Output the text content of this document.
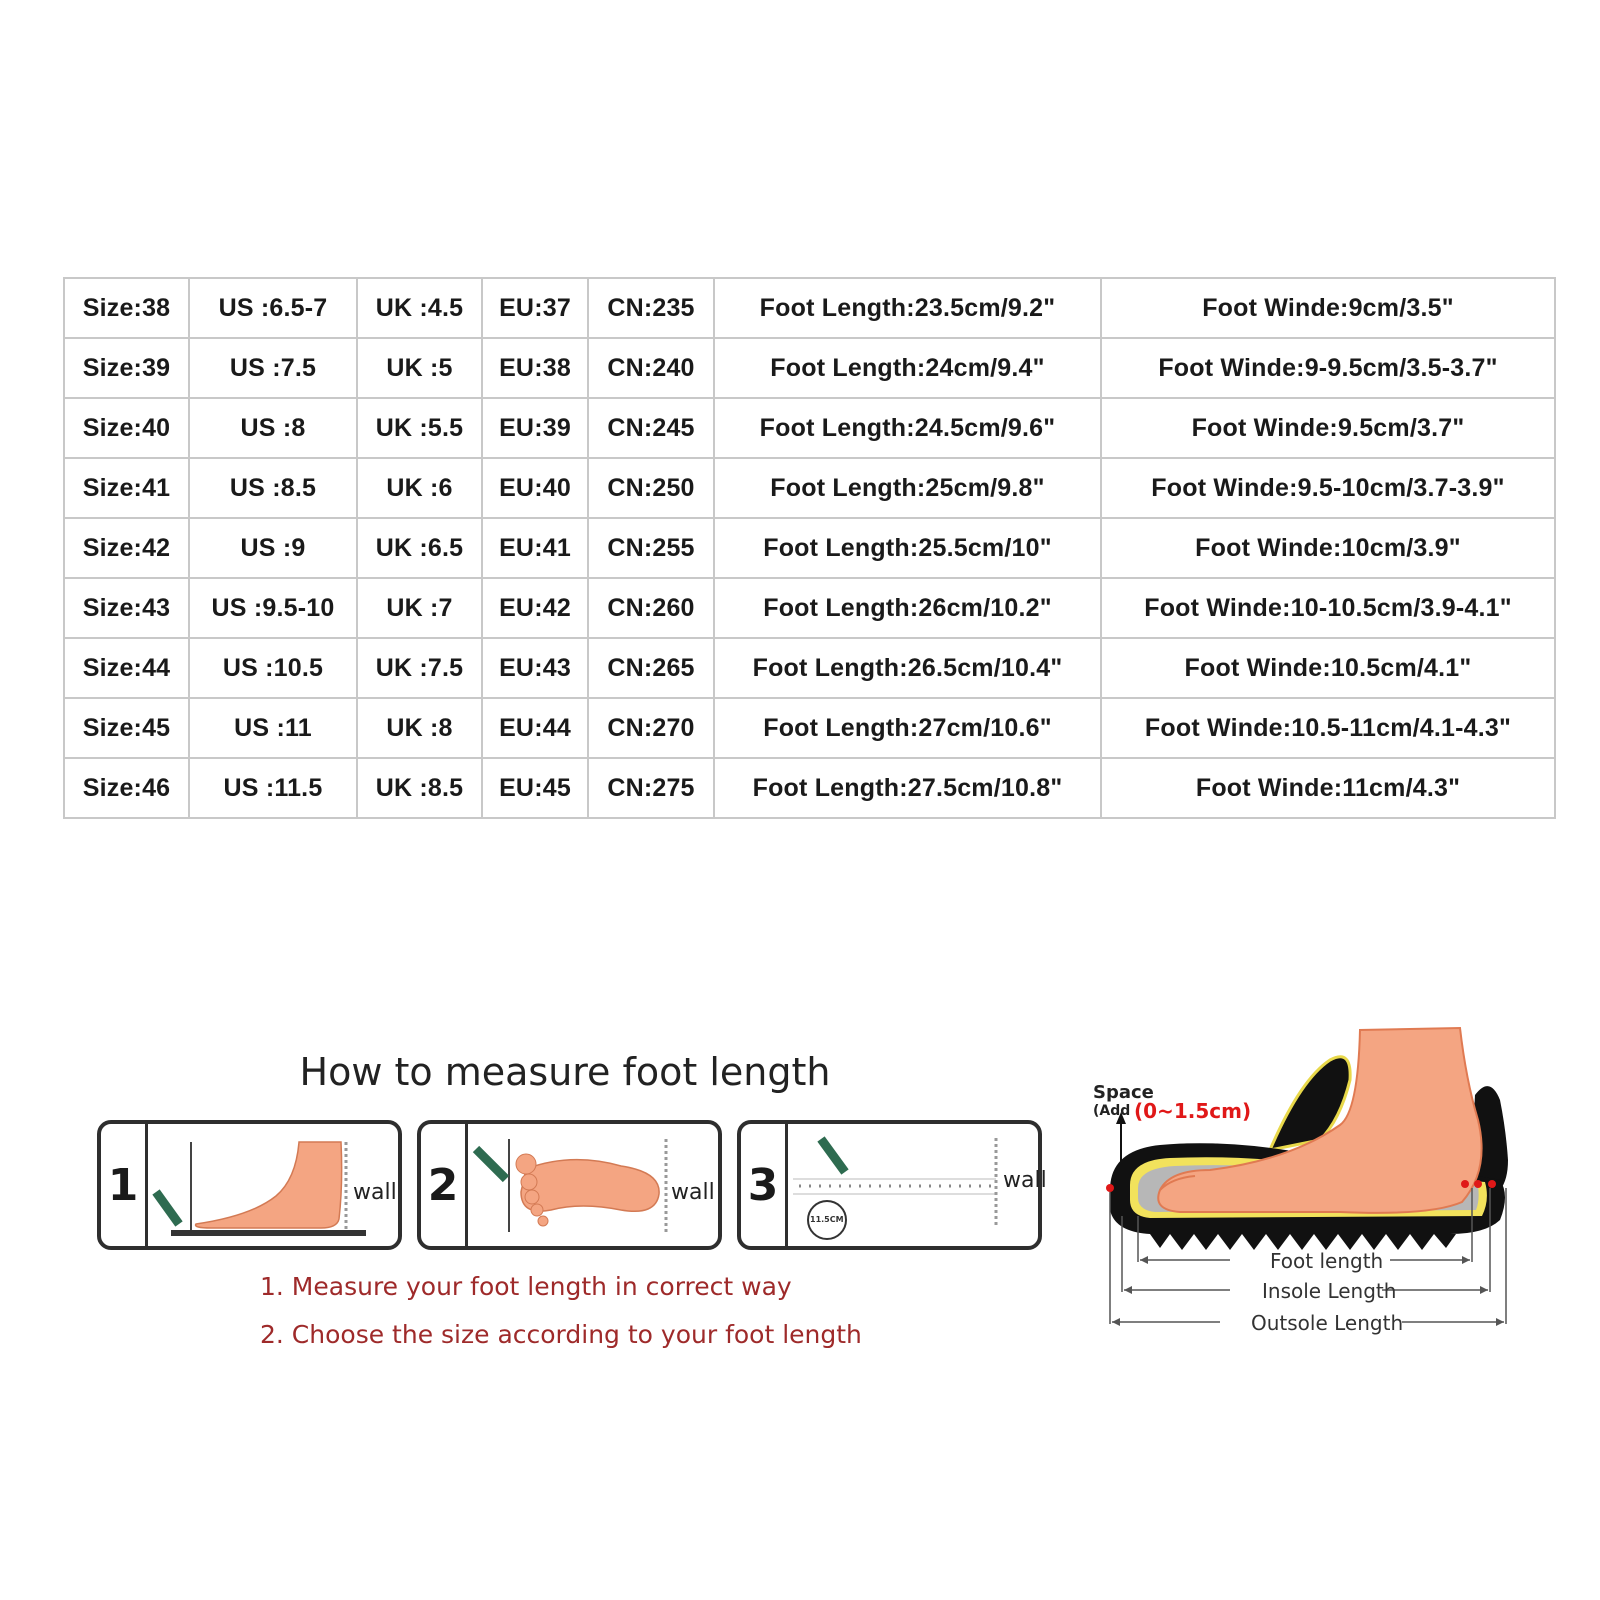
Size:38	US :6.5-7	UK :4.5	EU:37	CN:235	Foot Length:23.5cm/9.2"	Foot Winde:9cm/3.5"
Size:39	US :7.5	UK :5	EU:38	CN:240	Foot Length:24cm/9.4"	Foot Winde:9-9.5cm/3.5-3.7"
Size:40	US :8	UK :5.5	EU:39	CN:245	Foot Length:24.5cm/9.6"	Foot Winde:9.5cm/3.7"
Size:41	US :8.5	UK :6	EU:40	CN:250	Foot Length:25cm/9.8"	Foot Winde:9.5-10cm/3.7-3.9"
Size:42	US :9	UK :6.5	EU:41	CN:255	Foot Length:25.5cm/10"	Foot Winde:10cm/3.9"
Size:43	US :9.5-10	UK :7	EU:42	CN:260	Foot Length:26cm/10.2"	Foot Winde:10-10.5cm/3.9-4.1"
Size:44	US :10.5	UK :7.5	EU:43	CN:265	Foot Length:26.5cm/10.4"	Foot Winde:10.5cm/4.1"
Size:45	US :11	UK :8	EU:44	CN:270	Foot Length:27cm/10.6"	Foot Winde:10.5-11cm/4.1-4.3"
Size:46	US :11.5	UK :8.5	EU:45	CN:275	Foot Length:27.5cm/10.8"	Foot Winde:11cm/4.3"
How to measure foot length
1	wall 2	wall 3
11.5CM
wall
1. Measure your foot length in correct way
2. Choose the size according to your foot length
Space
(Add (0~1.5cm)
Foot length
Insole Length
Outsole Length
